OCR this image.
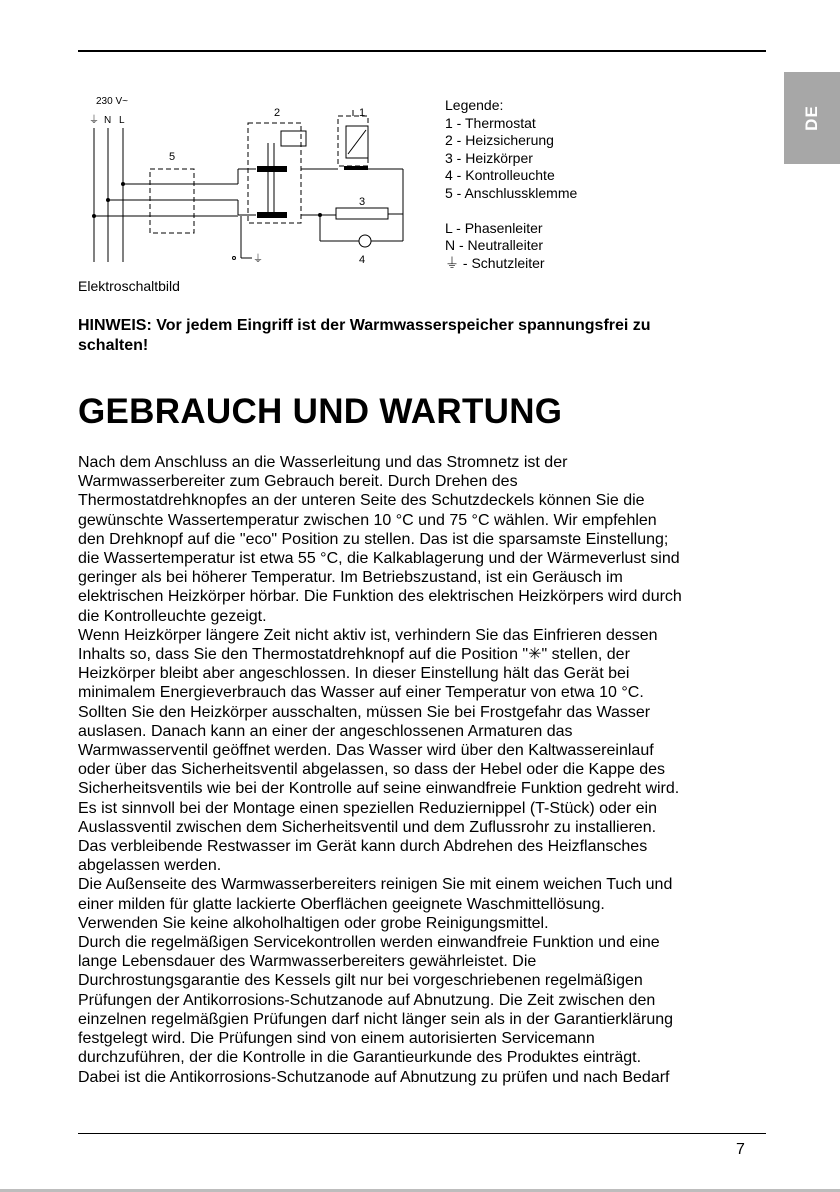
DE
230 V~
⏚ N L
5
2	1
3
4
⏚
Legende:
1 - Thermostat
2 - Heizsicherung
3 - Heizkörper
4 - Kontrolleuchte
5 - Anschlussklemme
L - Phasenleiter
N - Neutralleiter
⏚ - Schutzleiter
Elektroschaltbild
HINWEIS: Vor jedem Eingriff ist der Warmwasserspeicher spannungsfrei zu
schalten!
GEBRAUCH UND WARTUNG

Nach dem Anschluss an die Wasserleitung und das Stromnetz ist der

Warmwasserbereiter zum Gebrauch bereit. Durch Drehen des

Thermostatdrehknopfes an der unteren Seite des Schutzdeckels können Sie die

gewünschte Wassertemperatur zwischen 10 °C und 75 °C wählen. Wir empfehlen

den Drehknopf auf die "eco" Position zu stellen. Das ist die sparsamste Einstellung;

die Wassertemperatur ist etwa 55 °C, die Kalkablagerung und der Wärmeverlust sind

geringer als bei höherer Temperatur. Im Betriebszustand, ist ein Geräusch im

elektrischen Heizkörper hörbar. Die Funktion des elektrischen Heizkörpers wird durch

die Kontrolleuchte gezeigt.

Wenn Heizkörper längere Zeit nicht aktiv ist, verhindern Sie das Einfrieren dessen

Inhalts so, dass Sie den Thermostatdrehknopf auf die Position "✳" stellen, der

Heizkörper bleibt aber angeschlossen. In dieser Einstellung hält das Gerät bei

minimalem Energieverbrauch das Wasser auf einer Temperatur von etwa 10 °C.

Sollten Sie den Heizkörper ausschalten, müssen Sie bei Frostgefahr das Wasser

auslasen. Danach kann an einer der angeschlossenen Armaturen das

Warmwasserventil geöffnet werden. Das Wasser wird über den Kaltwassereinlauf

oder über das Sicherheitsventil abgelassen, so dass der Hebel oder die Kappe des

Sicherheitsventils wie bei der Kontrolle auf seine einwandfreie Funktion gedreht wird.

Es ist sinnvoll bei der Montage einen speziellen Reduziernippel (T-Stück) oder ein

Auslassventil zwischen dem Sicherheitsventil und dem Zuflussrohr zu installieren.

Das verbleibende Restwasser im Gerät kann durch Abdrehen des Heizflansches

abgelassen werden.

Die Außenseite des Warmwasserbereiters reinigen Sie mit einem weichen Tuch und

einer milden für glatte lackierte Oberflächen geeignete Waschmittellösung.

Verwenden Sie keine alkoholhaltigen oder grobe Reinigungsmittel.

Durch die regelmäßigen Servicekontrollen werden einwandfreie Funktion und eine

lange Lebensdauer des Warmwasserbereiters gewährleistet. Die

Durchrostungsgarantie des Kessels gilt nur bei vorgeschriebenen regelmäßigen

Prüfungen der Antikorrosions-Schutzanode auf Abnutzung. Die Zeit zwischen den

einzelnen regelmäßgien Prüfungen darf nicht länger sein als in der Garantierklärung

festgelegt wird. Die Prüfungen sind von einem autorisierten Servicemann

durchzuführen, der die Kontrolle in die Garantieurkunde des Produktes einträgt.

Dabei ist die Antikorrosions-Schutzanode auf Abnutzung zu prüfen und nach Bedarf

7
